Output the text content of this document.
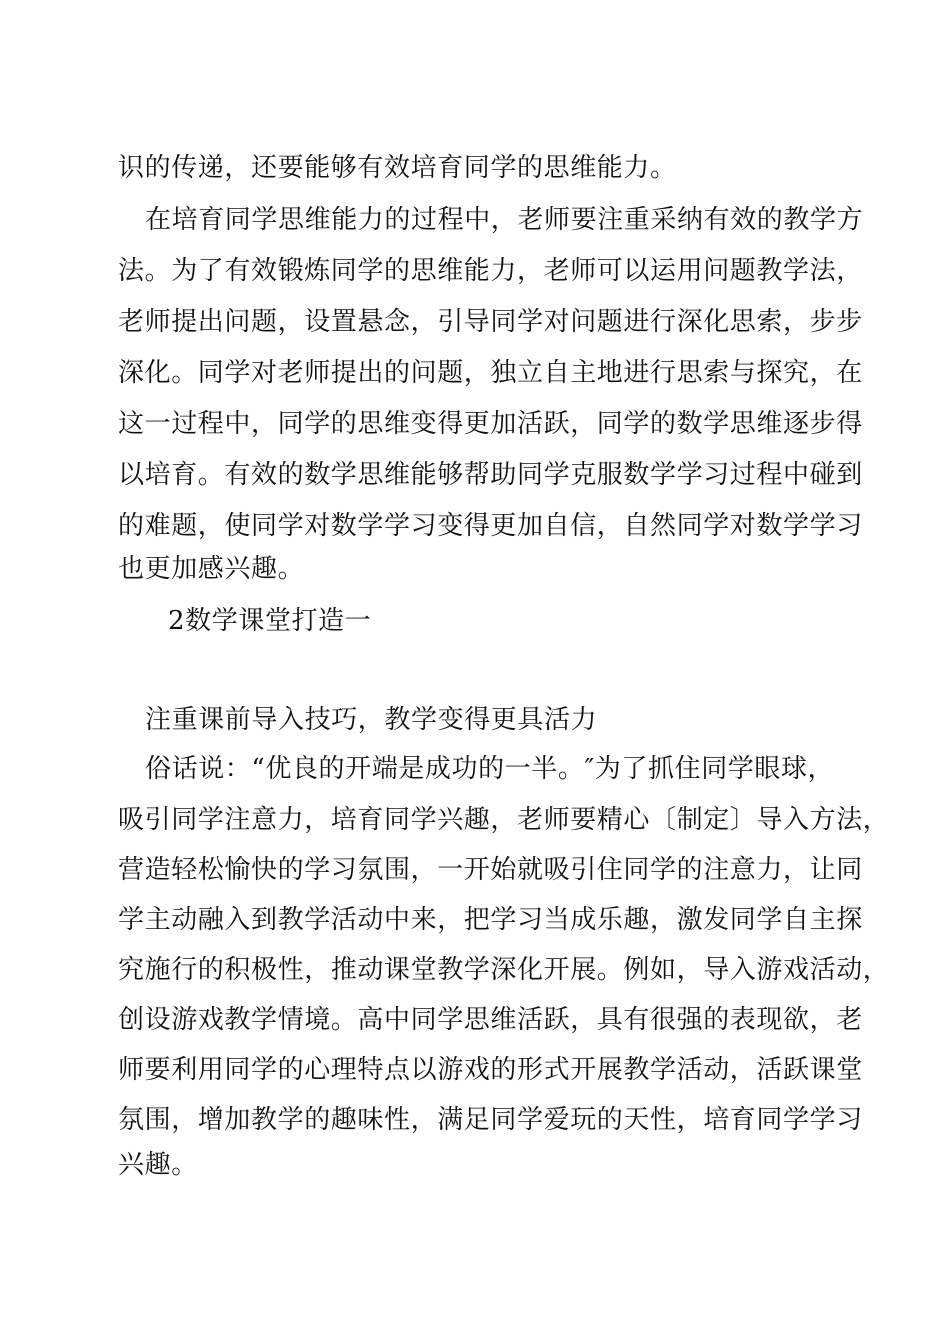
识的传递，还要能够有效培育同学的思维能力。
在培育同学思维能力的过程中，老师要注重采纳有效的教学方
法。为了有效锻炼同学的思维能力，老师可以运用问题教学法，
老师提出问题，设置悬念，引导同学对问题进行深化思索，步步
深化。同学对老师提出的问题，独立自主地进行思索与探究，在
这一过程中，同学的思维变得更加活跃，同学的数学思维逐步得
以培育。有效的数学思维能够帮助同学克服数学学习过程中碰到
的难题，使同学对数学学习变得更加自信，自然同学对数学学习
也更加感兴趣。
2数学课堂打造一
注重课前导入技巧，教学变得更具活力
俗话说：“优良的开端是成功的一半。″为了抓住同学眼球，
吸引同学注意力，培育同学兴趣，老师要精心〔制定〕导入方法，
营造轻松愉快的学习氛围，一开始就吸引住同学的注意力，让同
学主动融入到教学活动中来，把学习当成乐趣，激发同学自主探
究施行的积极性，推动课堂教学深化开展。例如，导入游戏活动，
创设游戏教学情境。高中同学思维活跃，具有很强的表现欲，老
师要利用同学的心理特点以游戏的形式开展教学活动，活跃课堂
氛围，增加教学的趣味性，满足同学爱玩的天性，培育同学学习
兴趣。
